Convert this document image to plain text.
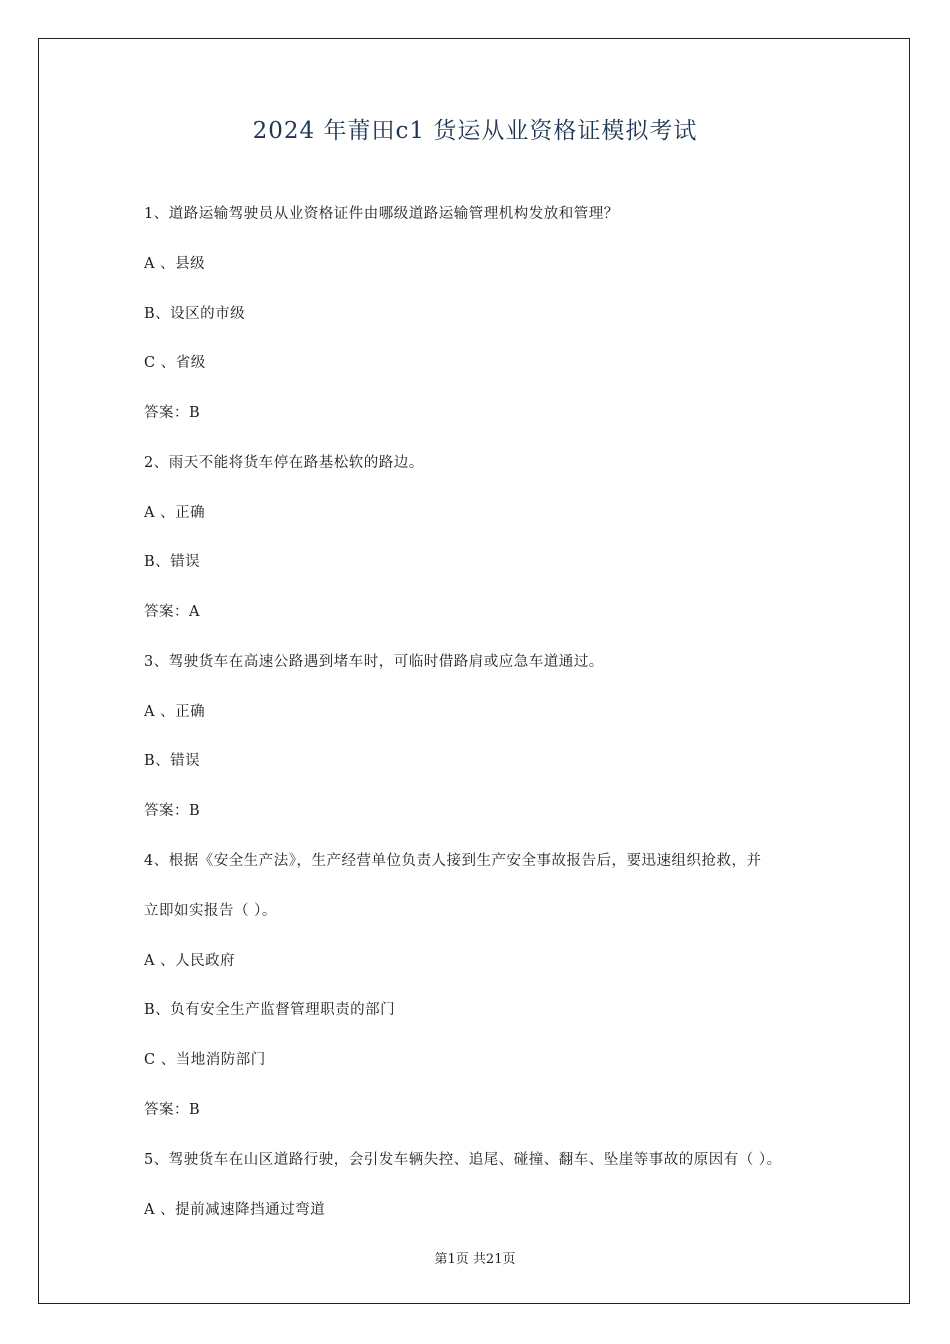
2024 年莆田c1 货运从业资格证模拟考试
1、道路运输驾驶员从业资格证件由哪级道路运输管理机构发放和管理？
A 、县级
B、设区的市级
C 、省级
答案：B
2、雨天不能将货车停在路基松软的路边。
A 、正确
B、错误
答案：A
3、驾驶货车在高速公路遇到堵车时，可临时借路肩或应急车道通过。
A 、正确
B、错误
答案：B
4、根据《安全生产法》，生产经营单位负责人接到生产安全事故报告后，要迅速组织抢救，并
立即如实报告（ ）。
A 、人民政府
B、负有安全生产监督管理职责的部门
C 、当地消防部门
答案：B
5、驾驶货车在山区道路行驶，会引发车辆失控、追尾、碰撞、翻车、坠崖等事故的原因有（ ）。
A 、提前减速降挡通过弯道
第1页 共21页
